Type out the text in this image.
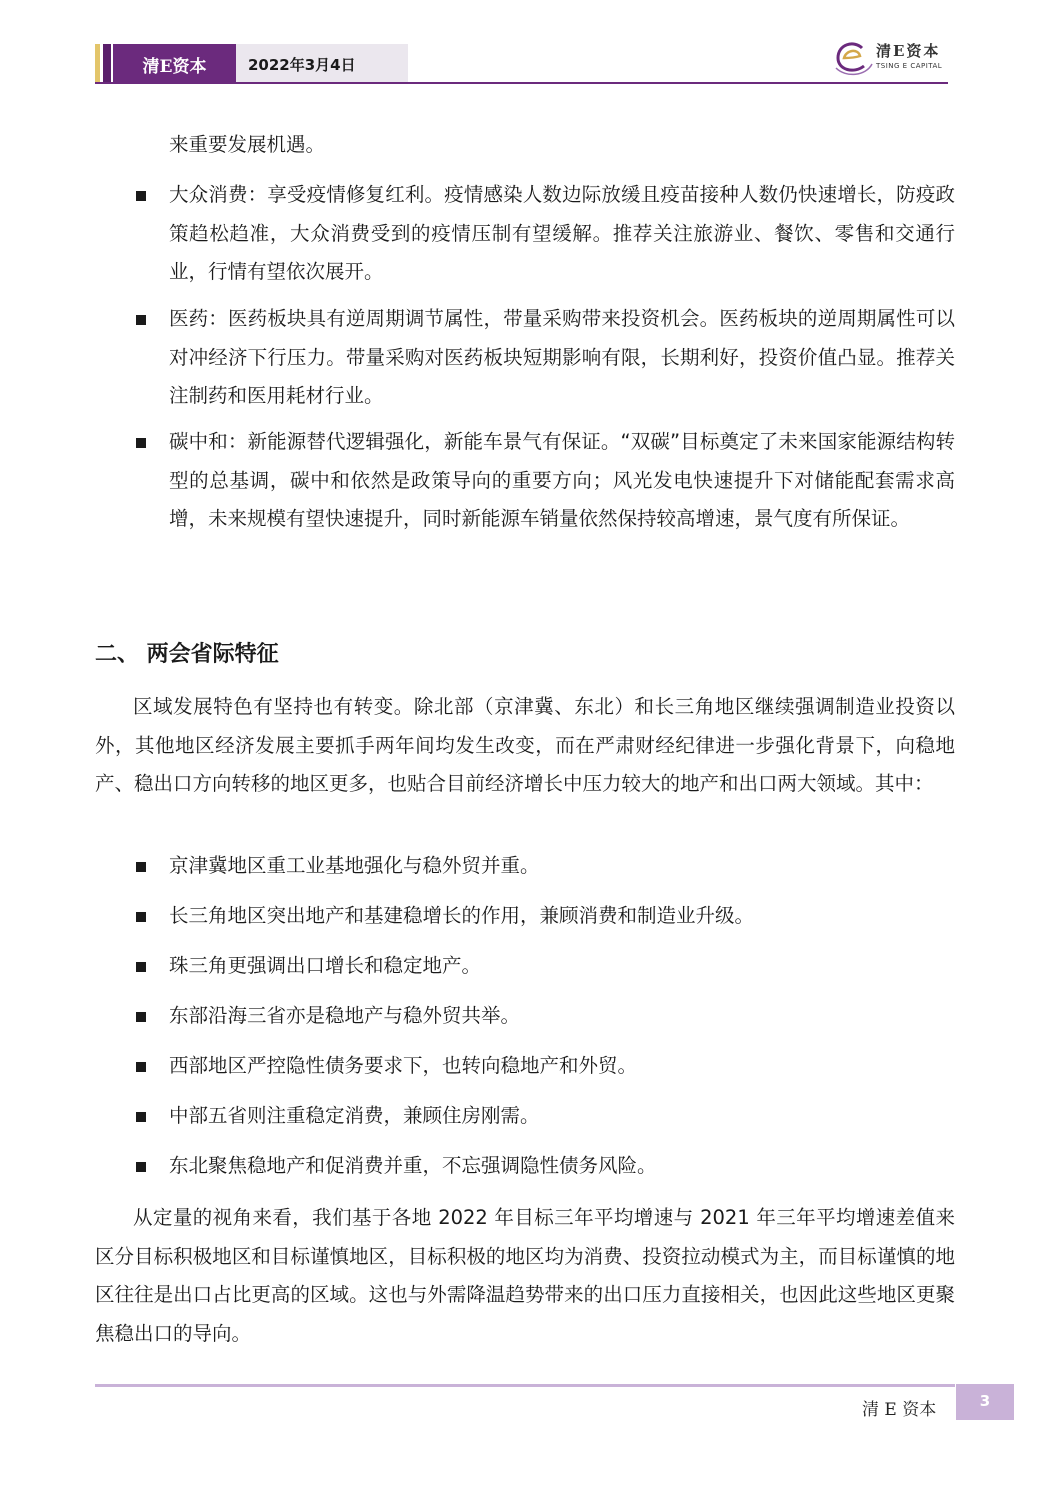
清E资本	2022年3月4日
清E资本
TSING E CAPITAL

来重要发展机遇。

大众消费：享受疫情修复红利。疫情感染人数边际放缓且疫苗接种人数仍快速增长，防疫政策趋松趋准，大众消费受到的疫情压制有望缓解。推荐关注旅游业、餐饮、零售和交通行业，行情有望依次展开。

医药：医药板块具有逆周期调节属性，带量采购带来投资机会。医药板块的逆周期属性可以对冲经济下行压力。带量采购对医药板块短期影响有限，长期利好，投资价值凸显。推荐关注制药和医用耗材行业。

碳中和：新能源替代逻辑强化，新能车景气有保证。“双碳”目标奠定了未来国家能源结构转型的总基调，碳中和依然是政策导向的重要方向；风光发电快速提升下对储能配套需求高增，未来规模有望快速提升，同时新能源车销量依然保持较高增速，景气度有所保证。

二、 两会省际特征

区域发展特色有坚持也有转变。除北部（京津冀、东北）和长三角地区继续强调制造业投资以外，其他地区经济发展主要抓手两年间均发生改变，而在严肃财经纪律进一步强化背景下，向稳地产、稳出口方向转移的地区更多，也贴合目前经济增长中压力较大的地产和出口两大领域。其中：

京津冀地区重工业基地强化与稳外贸并重。

长三角地区突出地产和基建稳增长的作用，兼顾消费和制造业升级。

珠三角更强调出口增长和稳定地产。

东部沿海三省亦是稳地产与稳外贸共举。

西部地区严控隐性债务要求下，也转向稳地产和外贸。

中部五省则注重稳定消费，兼顾住房刚需。

东北聚焦稳地产和促消费并重，不忘强调隐性债务风险。

从定量的视角来看，我们基于各地 2022 年目标三年平均增速与 2021 年三年平均增速差值来区分目标积极地区和目标谨慎地区，目标积极的地区均为消费、投资拉动模式为主，而目标谨慎的地区往往是出口占比更高的区域。这也与外需降温趋势带来的出口压力直接相关，也因此这些地区更聚焦稳出口的导向。

清 E 资本	3
